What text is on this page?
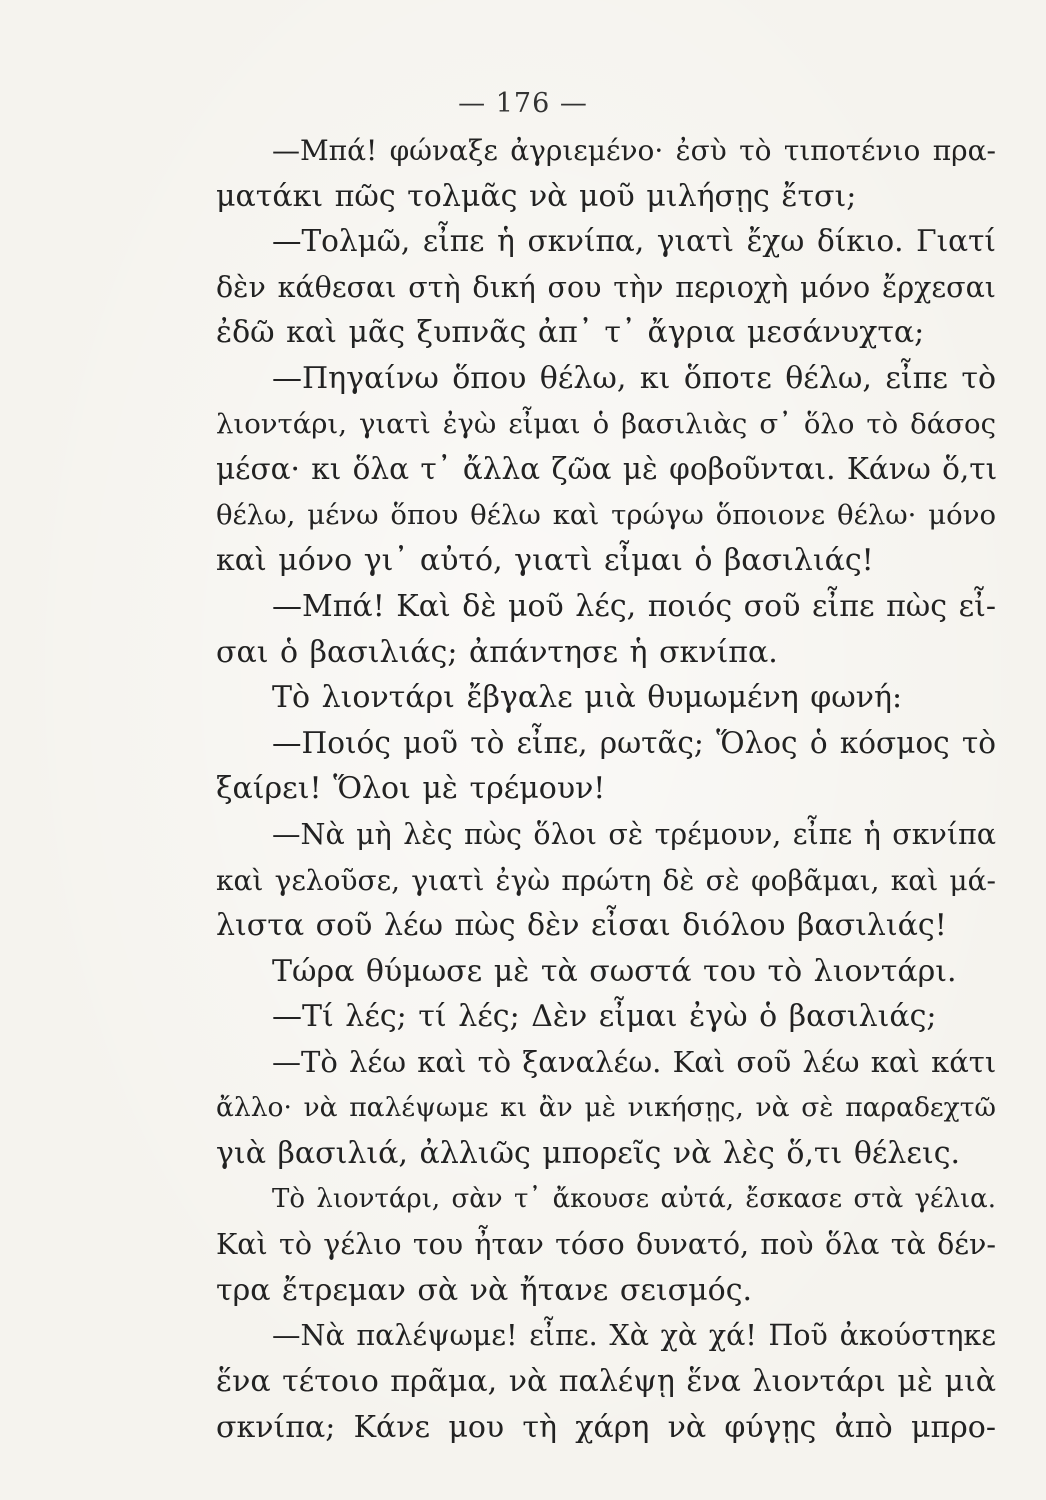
— 176 —
—Μπά! φώναξε ἀγριεμένο· ἐσὺ τὸ τιποτένιο πρα-
ματάκι πῶς τολμᾶς νὰ μοῦ μιλήσῃς ἔτσι;
—Τολμῶ, εἶπε ἡ σκνίπα, γιατὶ ἔχω δίκιο. Γιατί
δὲν κάθεσαι στὴ δική σου τὴν περιοχὴ μόνο ἔρχεσαι
ἐδῶ καὶ μᾶς ξυπνᾶς ἀπ᾽ τ᾽ ἄγρια μεσάνυχτα;
—Πηγαίνω ὅπου θέλω, κι ὅποτε θέλω, εἶπε τὸ
λιοντάρι, γιατὶ ἐγὼ εἶμαι ὁ βασιλιὰς σ᾽ ὅλο τὸ δάσος
μέσα· κι ὅλα τ᾽ ἄλλα ζῶα μὲ φοβοῦνται. Κάνω ὅ,τι
θέλω, μένω ὅπου θέλω καὶ τρώγω ὅποιονε θέλω· μόνο
καὶ μόνο γι᾽ αὐτό, γιατὶ εἶμαι ὁ βασιλιάς!
—Μπά! Καὶ δὲ μοῦ λές, ποιός σοῦ εἶπε πὼς εἶ-
σαι ὁ βασιλιάς; ἀπάντησε ἡ σκνίπα.
Τὸ λιοντάρι ἔβγαλε μιὰ θυμωμένη φωνή:
—Ποιός μοῦ τὸ εἶπε, ρωτᾶς; Ὅλος ὁ κόσμος τὸ
ξαίρει! Ὅλοι μὲ τρέμουν!
—Νὰ μὴ λὲς πὼς ὅλοι σὲ τρέμουν, εἶπε ἡ σκνίπα
καὶ γελοῦσε, γιατὶ ἐγὼ πρώτη δὲ σὲ φοβᾶμαι, καὶ μά-
λιστα σοῦ λέω πὼς δὲν εἶσαι διόλου βασιλιάς!
Τώρα θύμωσε μὲ τὰ σωστά του τὸ λιοντάρι.
—Τί λές; τί λές; Δὲν εἶμαι ἐγὼ ὁ βασιλιάς;
—Τὸ λέω καὶ τὸ ξαναλέω. Καὶ σοῦ λέω καὶ κάτι
ἄλλο· νὰ παλέψωμε κι ἂν μὲ νικήσῃς, νὰ σὲ παραδεχτῶ
γιὰ βασιλιά, ἀλλιῶς μπορεῖς νὰ λὲς ὅ,τι θέλεις.
Τὸ λιοντάρι, σὰν τ᾽ ἄκουσε αὐτά, ἔσκασε στὰ γέλια.
Καὶ τὸ γέλιο του ἦταν τόσο δυνατό, ποὺ ὅλα τὰ δέν-
τρα ἔτρεμαν σὰ νὰ ἤτανε σεισμός.
—Νὰ παλέψωμε! εἶπε. Χὰ χὰ χά! Ποῦ ἀκούστηκε
ἕνα τέτοιο πρᾶμα, νὰ παλέψῃ ἕνα λιοντάρι μὲ μιὰ
σκνίπα; Κάνε μου τὴ χάρη νὰ φύγῃς ἀπὸ μπρο-
